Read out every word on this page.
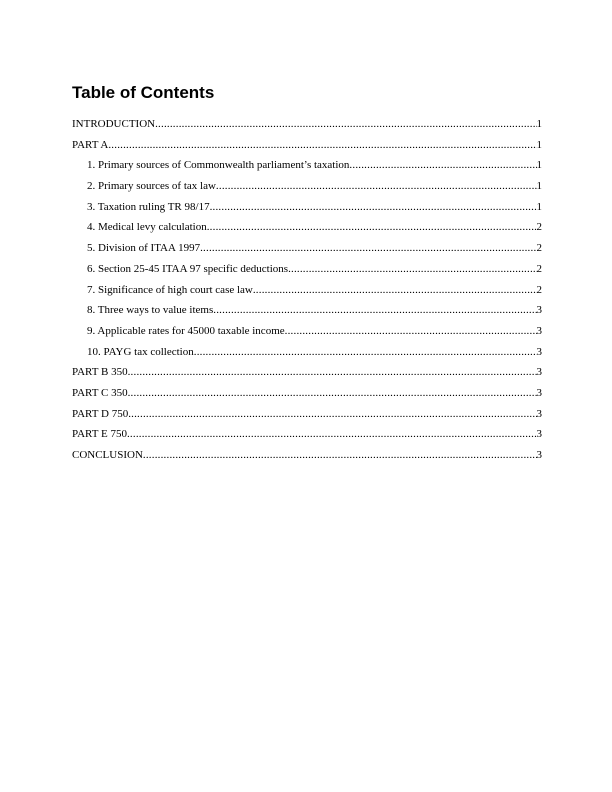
Table of Contents
INTRODUCTION .....	1
PART A .....	1
1. Primary sources of Commonwealth parliament’s taxation .....	1
2. Primary sources of tax law .....	1
3. Taxation ruling TR 98/17 .....	1
4. Medical levy calculation .....	2
5. Division of ITAA 1997 .....	2
6. Section 25-45 ITAA 97 specific deductions .....	2
7. Significance of high court case law .....	2
8. Three ways to value items .....	3
9. Applicable rates for 45000 taxable income .....	3
10. PAYG tax collection .....	3
PART B 350 .....	3
PART C 350 .....	3
PART D 750 .....	3
PART E 750 .....	3
CONCLUSION .....	3
